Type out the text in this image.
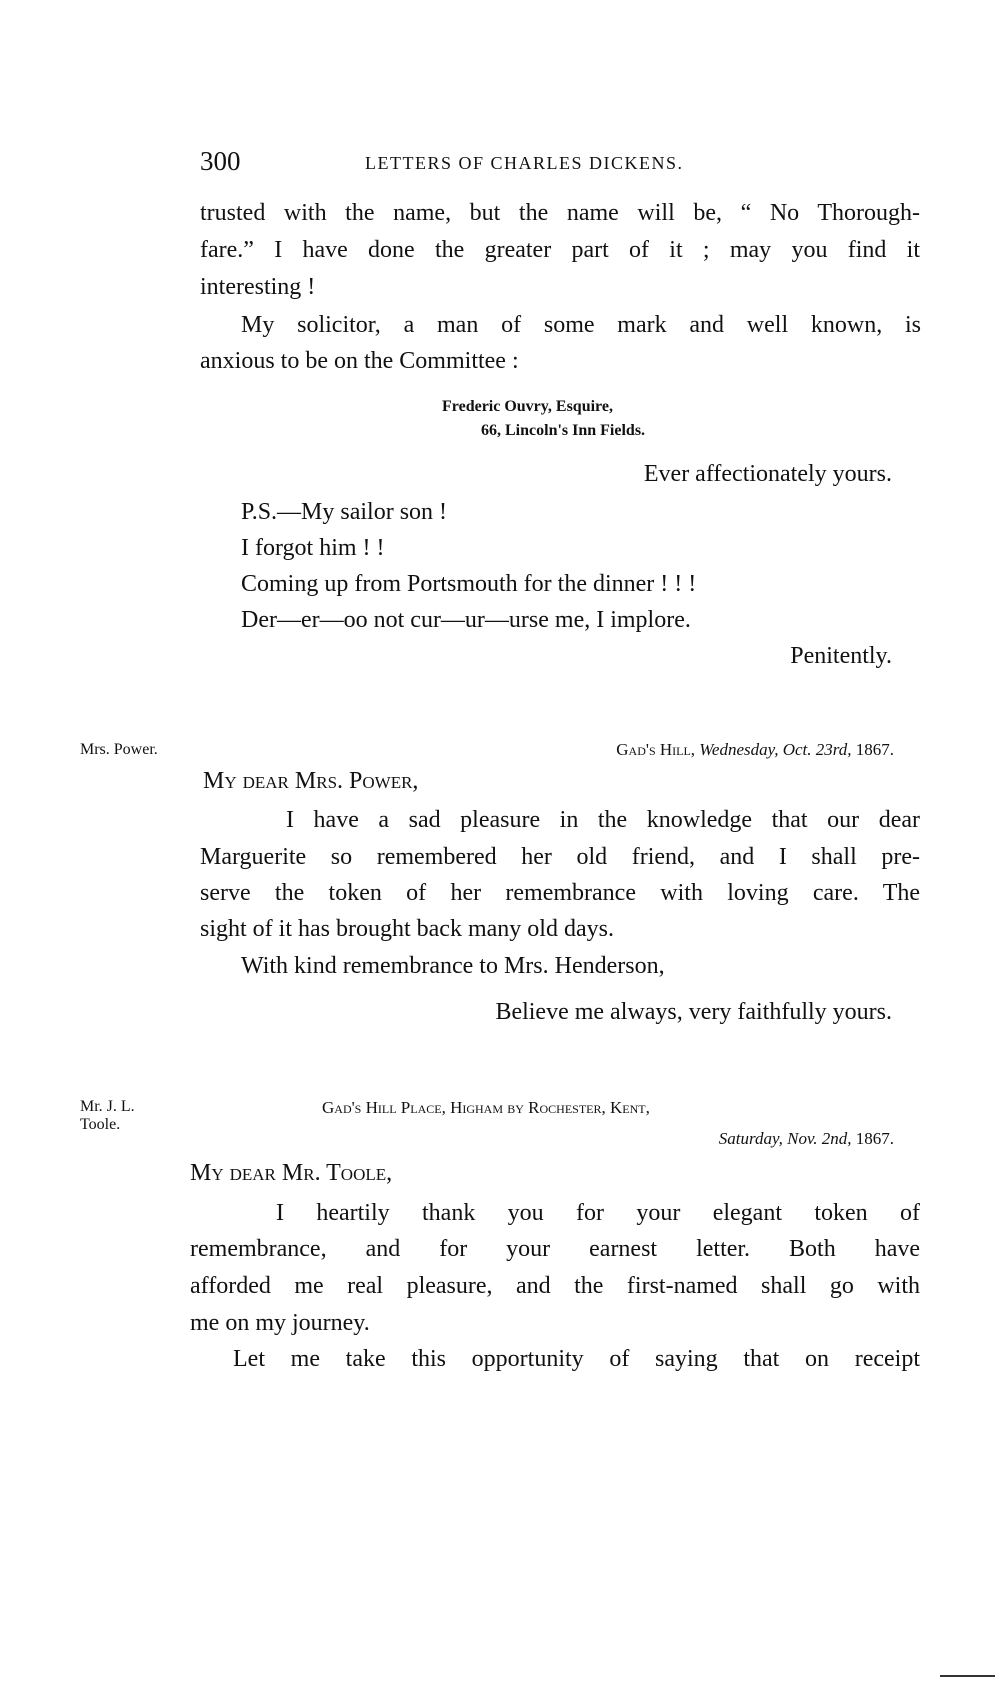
300	LETTERS OF CHARLES DICKENS.
trusted with the name, but the name will be, “ No Thorough-
fare.” I have done the greater part of it ; may you find it
interesting !
My solicitor, a man of some mark and well known, is
anxious to be on the Committee :
Frederic Ouvry, Esquire,
66, Lincoln's Inn Fields.
Ever affectionately yours.
P.S.—My sailor son !
I forgot him ! !
Coming up from Portsmouth for the dinner ! ! !
Der—er—oo not cur—ur—urse me, I implore.
Penitently.
Mrs. Power.	Gad's Hill, Wednesday, Oct. 23rd, 1867.
My dear Mrs. Power,
I have a sad pleasure in the knowledge that our dear
Marguerite so remembered her old friend, and I shall pre-
serve the token of her remembrance with loving care. The
sight of it has brought back many old days.
With kind remembrance to Mrs. Henderson,
Believe me always, very faithfully yours.
Mr. J. L. Toole.
Gad's Hill Place, Higham by Rochester, Kent,
Saturday, Nov. 2nd, 1867.
My dear Mr. Toole,
I heartily thank you for your elegant token of
remembrance, and for your earnest letter. Both have
afforded me real pleasure, and the first-named shall go with
me on my journey.
Let me take this opportunity of saying that on receipt
